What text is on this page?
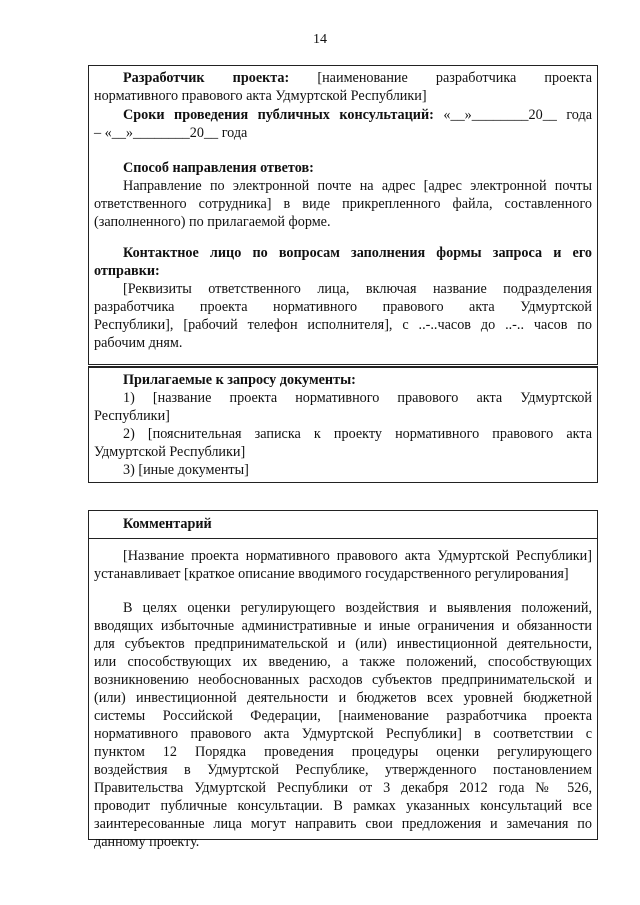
14
Разработчик проекта: [наименование разработчика проекта
нормативного правового акта Удмуртской Республики]
Сроки проведения публичных консультаций: «__»________20__ года
– «__»________20__ года
Способ направления ответов:
Направление по электронной почте на адрес [адрес электронной почты
ответственного сотрудника] в виде прикрепленного файла, составленного
(заполненного) по прилагаемой форме.
Контактное лицо по вопросам заполнения формы запроса и его
отправки:
[Реквизиты ответственного лица, включая название подразделения
разработчика проекта нормативного правового акта Удмуртской
Республики], [рабочий телефон исполнителя], с ..-..часов до ..-.. часов по
рабочим дням.
Прилагаемые к запросу документы:
1) [название проекта нормативного правового акта Удмуртской
Республики]
2) [пояснительная записка к проекту нормативного правового акта
Удмуртской Республики]
3) [иные документы]
Комментарий
[Название проекта нормативного правового акта Удмуртской Республики]
устанавливает [краткое описание вводимого государственного регулирования]
В целях оценки регулирующего воздействия и выявления положений,
вводящих избыточные административные и иные ограничения и обязанности
для субъектов предпринимательской и (или) инвестиционной деятельности,
или способствующих их введению, а также положений, способствующих
возникновению необоснованных расходов субъектов предпринимательской и
(или) инвестиционной деятельности и бюджетов всех уровней бюджетной
системы Российской Федерации, [наименование разработчика проекта
нормативного правового акта Удмуртской Республики] в соответствии с
пунктом 12 Порядка проведения процедуры оценки регулирующего
воздействия в Удмуртской Республике, утвержденного постановлением
Правительства Удмуртской Республики от 3 декабря 2012 года № 526,
проводит публичные консультации. В рамках указанных консультаций все
заинтересованные лица могут направить свои предложения и замечания по
данному проекту.
